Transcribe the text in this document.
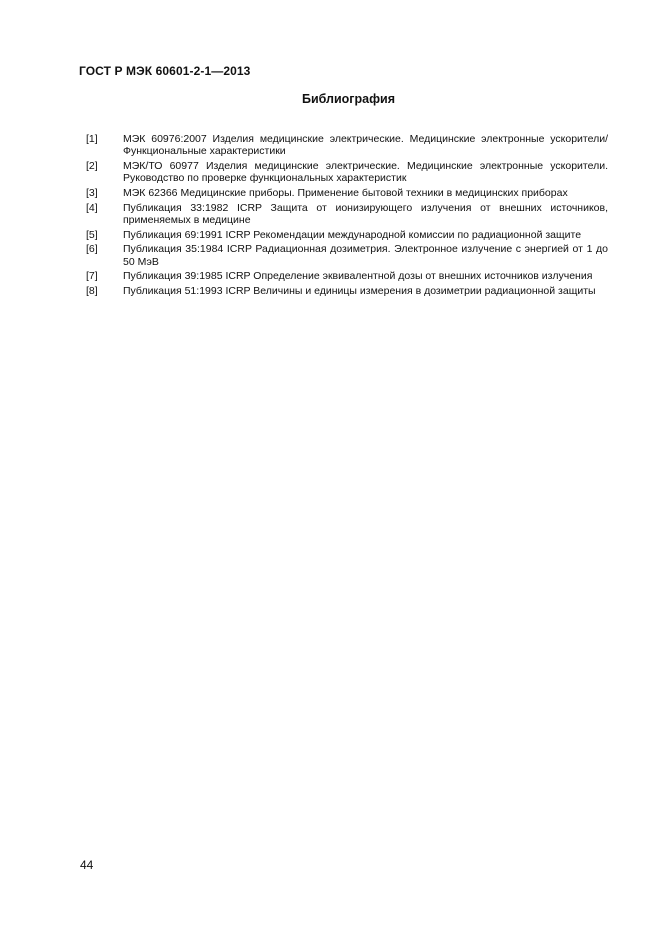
ГОСТ Р МЭК 60601-2-1—2013
Библиография
[1]	МЭК 60976:2007 Изделия медицинские электрические. Медицинские электронные ускорители/ Функциональные характеристики
[2]	МЭК/ТО 60977 Изделия медицинские электрические. Медицинские электронные ускорители. Руководство по проверке функциональных характеристик
[3]	МЭК 62366 Медицинские приборы. Применение бытовой техники в медицинских приборах
[4]	Публикация 33:1982 ICRP Защита от ионизирующего излучения от внешних источников, применяемых в медицине
[5]	Публикация 69:1991 ICRP Рекомендации международной комиссии по радиационной защите
[6]	Публикация 35:1984 ICRP Радиационная дозиметрия. Электронное излучение с энергией от 1 до 50 МэВ
[7]	Публикация 39:1985 ICRP Определение эквивалентной дозы от внешних источников излучения
[8]	Публикация 51:1993 ICRP Величины и единицы измерения в дозиметрии радиационной защиты
44
